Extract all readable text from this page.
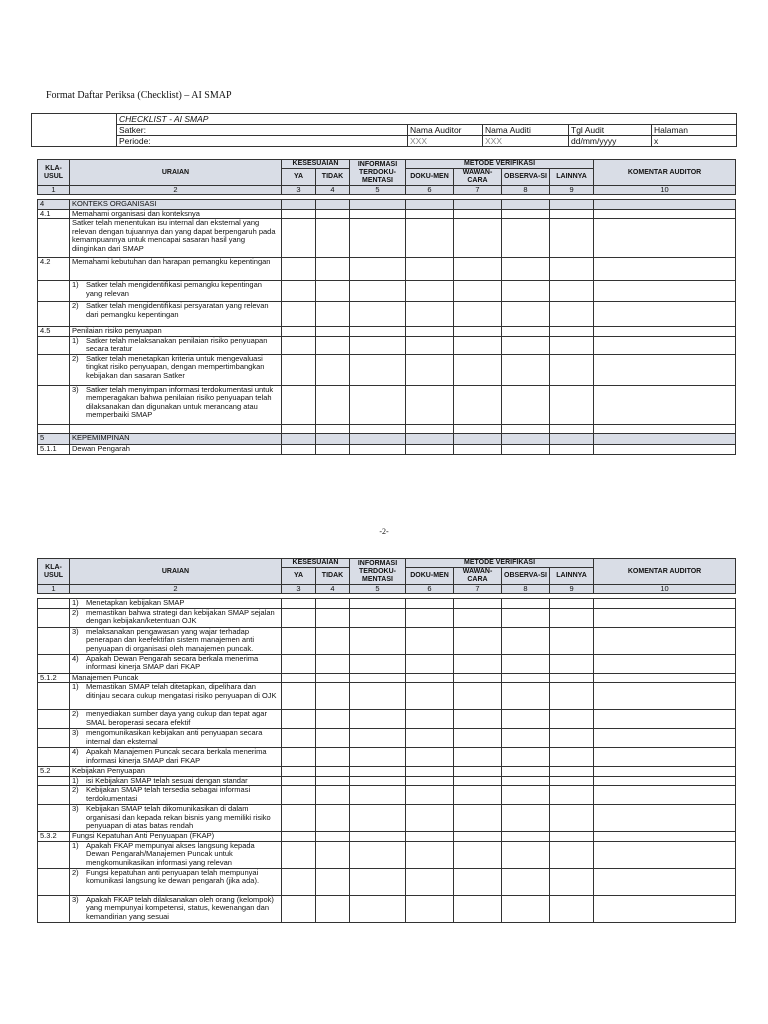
Format Daftar Periksa (Checklist) – AI SMAP
	CHECKLIST - AI SMAP				
	Satker:	Nama Auditor	Nama Auditi	Tgl Audit	Halaman
	Periode:	XXX	XXX	dd/mm/yyyy	x
KLA-USUL	URAIAN	KESESUAIAN		INFORMASI TERDOKU-MENTASI	METODE VERIFIKASI				KOMENTAR AUDITOR
		YA	TIDAK		DOKU-MEN	WAWAN-CARA	OBSERVA-SI	LAINNYA	
1	2	3	4	5	6	7	8	9	10

4	KONTEKS ORGANISASI								
4.1	Memahami organisasi dan konteksnya								
	Satker telah menentukan isu internal dan eksternal yang relevan dengan tujuannya dan yang dapat berpengaruh pada kemampuannya untuk mencapai sasaran hasil yang diinginkan dari SMAP								
4.2	Memahami kebutuhan dan harapan pemangku kepentingan								

	1) Satker telah mengidentifikasi pemangku kepentingan yang relevan								

	2) Satker telah mengidentifikasi persyaratan yang relevan dari pemangku kepentingan								

4.5	Penilaian risiko penyuapan								

	1) Satker telah melaksanakan penilaian risiko penyuapan secara teratur								

	2) Satker telah menetapkan kriteria untuk mengevaluasi tingkat risiko penyuapan, dengan mempertimbangkan kebijakan dan sasaran Satker								

	3) Satker telah menyimpan informasi terdokumentasi untuk memperagakan bahwa penilaian risiko penyuapan telah dilaksanakan dan digunakan untuk merancang atau memperbaiki SMAP								

5	KEPEMIMPINAN								
5.1.1	Dewan Pengarah								
-2-
KLA-USUL	URAIAN	KESESUAIAN		INFORMASI TERDOKU-MENTASI	METODE VERIFIKASI				KOMENTAR AUDITOR
		YA	TIDAK		DOKU-MEN	WAWAN-CARA	OBSERVA-SI	LAINNYA	
1	2	3	4	5	6	7	8	9	10

	1) Menetapkan kebijakan SMAP								

	2) memastikan bahwa strategi dan kebijakan SMAP sejalan dengan kebijakan/ketentuan OJK								

	3) melaksanakan pengawasan yang wajar terhadap penerapan dan keefektifan sistem manajemen anti penyuapan di organisasi oleh manajemen puncak.								

	4) Apakah Dewan Pengarah secara berkala menerima informasi kinerja SMAP dari FKAP								

5.1.2	Manajemen Puncak								

	1) Memastikan SMAP telah ditetapkan, dipelihara dan ditinjau secara cukup mengatasi risiko penyuapan di OJK								

	2) menyediakan sumber daya yang cukup dan tepat agar SMAL beroperasi secara efektif								

	3) mengomunikasikan kebijakan anti penyuapan secara internal dan eksternal								

	4) Apakah Manajemen Puncak secara berkala menerima informasi kinerja SMAP dari FKAP								

5.2	Kebijakan Penyuapan								

	1) isi Kebijakan SMAP telah sesuai dengan standar								

	2) Kebijakan SMAP telah tersedia sebagai informasi terdokumentasi								

	3) Kebijakan SMAP telah dikomunikasikan di dalam organisasi dan kepada rekan bisnis yang memiliki risiko penyuapan di atas batas rendah								

5.3.2	Fungsi Kepatuhan Anti Penyuapan (FKAP)								

	1) Apakah FKAP mempunyai akses langsung kepada Dewan Pengarah/Manajemen Puncak untuk mengkomunikasikan informasi yang relevan								

	2) Fungsi kepatuhan anti penyuapan telah mempunyai komunikasi langsung ke dewan pengarah (jika ada).								

	3) Apakah FKAP telah dilaksanakan oleh orang (kelompok) yang mempunyai kompetensi, status, kewenangan dan kemandirian yang sesuai								
